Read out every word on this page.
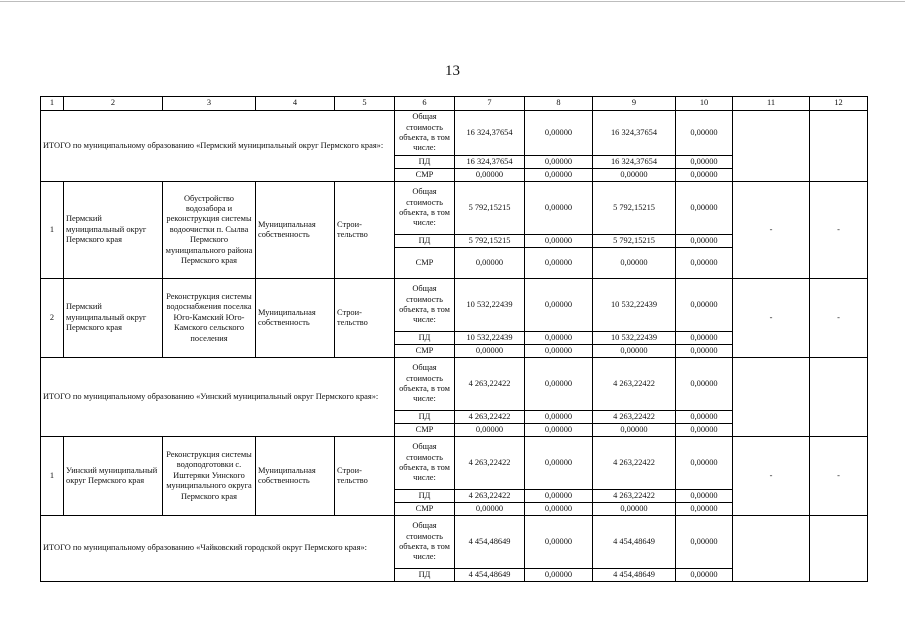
13
1	2	3	4	5	6	7	8	9	10	11	12
ИТОГО по муниципальному образованию «Пермский муниципальный округ Пермского края»:					Общая стоимость объекта, в том числе:	16 324,37654	0,00000	16 324,37654	0,00000		
					ПД	16 324,37654	0,00000	16 324,37654	0,00000		
					СМР	0,00000	0,00000	0,00000	0,00000		
1	Пермский муниципальный округ Пермского края	Обустройство водозабора и реконструкция системы водоочистки п. Сылва Пермского муниципального района Пермского края	Муниципальная собственность	Строи- тельство	Общая стоимость объекта, в том числе:	5 792,15215	0,00000	5 792,15215	0,00000	-	-
					ПД	5 792,15215	0,00000	5 792,15215	0,00000		
					СМР	0,00000	0,00000	0,00000	0,00000		
2	Пермский муниципальный округ Пермского края	Реконструкция системы водоснабжения поселка Юго-Камский Юго-Камского сельского поселения	Муниципальная собственность	Строи- тельство	Общая стоимость объекта, в том числе:	10 532,22439	0,00000	10 532,22439	0,00000	-	-
					ПД	10 532,22439	0,00000	10 532,22439	0,00000		
					СМР	0,00000	0,00000	0,00000	0,00000		
ИТОГО по муниципальному образованию «Уинский муниципальный округ Пермского края»:					Общая стоимость объекта, в том числе:	4 263,22422	0,00000	4 263,22422	0,00000		
					ПД	4 263,22422	0,00000	4 263,22422	0,00000		
					СМР	0,00000	0,00000	0,00000	0,00000		
1	Уинский муниципальный округ Пермского края	Реконструкция системы водоподготовки с. Иштеряки Уинского муниципального округа Пермского края	Муниципальная собственность	Строи- тельство	Общая стоимость объекта, в том числе:	4 263,22422	0,00000	4 263,22422	0,00000	-	-
					ПД	4 263,22422	0,00000	4 263,22422	0,00000		
					СМР	0,00000	0,00000	0,00000	0,00000		
ИТОГО по муниципальному образованию «Чайковский городской округ Пермского края»:					Общая стоимость объекта, в том числе:	4 454,48649	0,00000	4 454,48649	0,00000		
					ПД	4 454,48649	0,00000	4 454,48649	0,00000		
